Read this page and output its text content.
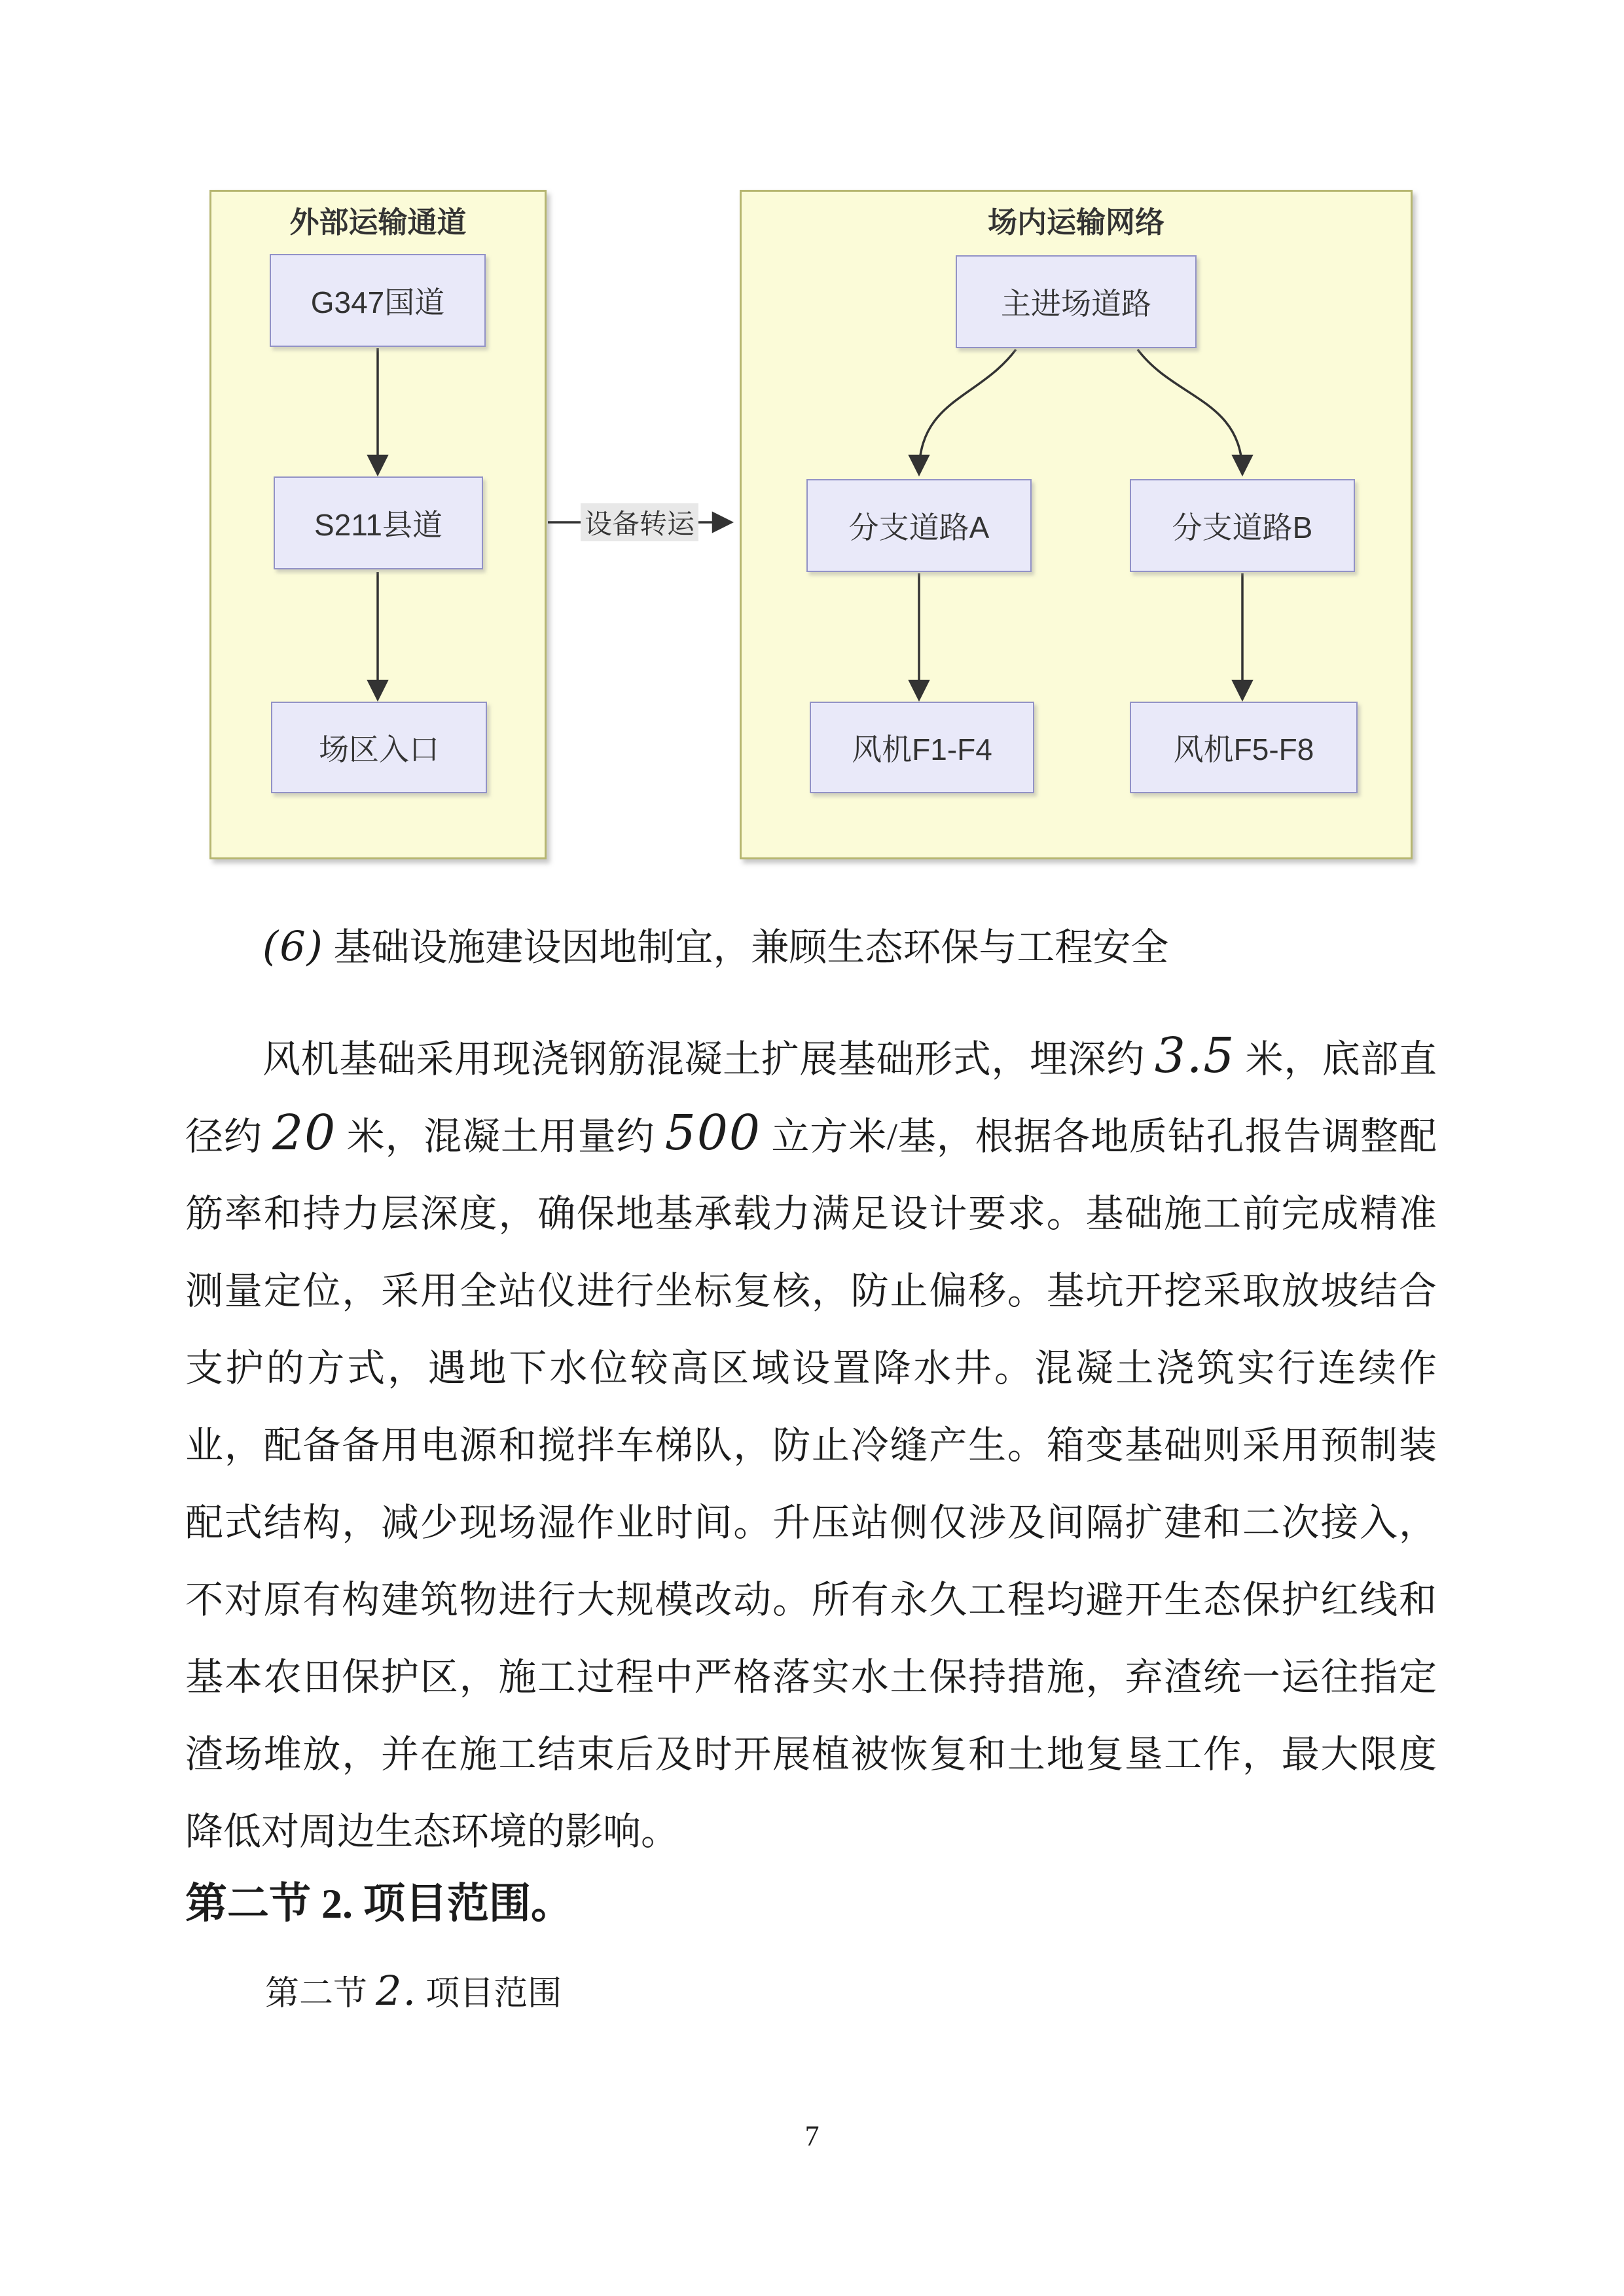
外部运输通道	场内运输网络
G347国道
S211县道
场区入口
主进场道路
分支道路A	分支道路B
风机F1-F4	风机F5-F8
设备转运
(6) 基础设施建设因地制宜，兼顾生态环保与工程安全
风机基础采用现浇钢筋混凝土扩展基础形式，埋深约 3.5 米，底部直
径约 20 米，混凝土用量约 500 立方米/基，根据各地质钻孔报告调整配
筋率和持力层深度，确保地基承载力满足设计要求。基础施工前完成精准
测量定位，采用全站仪进行坐标复核，防止偏移。基坑开挖采取放坡结合
支护的方式，遇地下水位较高区域设置降水井。混凝土浇筑实行连续作
业，配备备用电源和搅拌车梯队，防止冷缝产生。箱变基础则采用预制装
配式结构，减少现场湿作业时间。升压站侧仅涉及间隔扩建和二次接入，
不对原有构建筑物进行大规模改动。所有永久工程均避开生态保护红线和
基本农田保护区，施工过程中严格落实水土保持措施，弃渣统一运往指定
渣场堆放，并在施工结束后及时开展植被恢复和土地复垦工作，最大限度
降低对周边生态环境的影响。
第二节 2. 项目范围。
第二节 2. 项目范围
7
